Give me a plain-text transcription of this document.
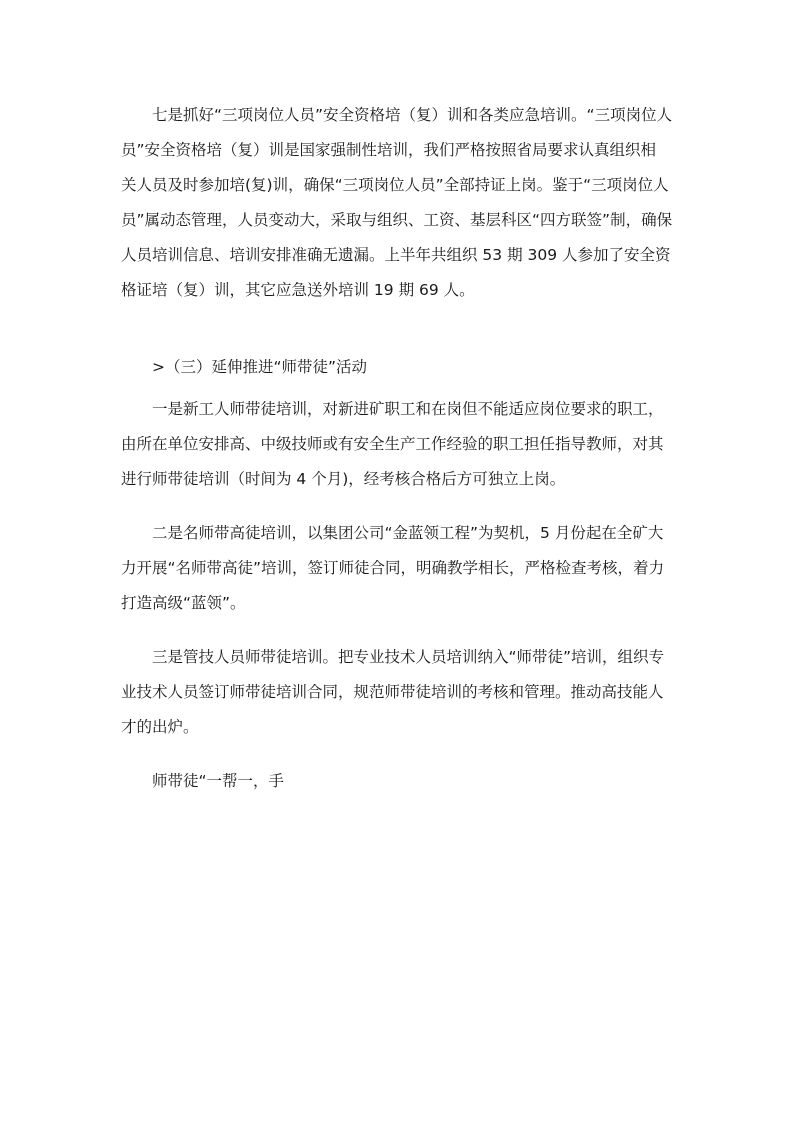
　　七是抓好“三项岗位人员”安全资格培（复）训和各类应急培训。“三项岗位人
员”安全资格培（复）训是国家强制性培训，我们严格按照省局要求认真组织相
关人员及时参加培(复)训，确保“三项岗位人员”全部持证上岗。鉴于“三项岗位人
员”属动态管理，人员变动大，采取与组织、工资、基层科区“四方联签”制，确保
人员培训信息、培训安排准确无遗漏。上半年共组织 53 期 309 人参加了安全资
格证培（复）训，其它应急送外培训 19 期 69 人。

　　>（三）延伸推进“师带徒”活动

　　一是新工人师带徒培训，对新进矿职工和在岗但不能适应岗位要求的职工，
由所在单位安排高、中级技师或有安全生产工作经验的职工担任指导教师，对其
进行师带徒培训（时间为 4 个月)，经考核合格后方可独立上岗。

　　二是名师带高徒培训，以集团公司“金蓝领工程”为契机，5 月份起在全矿大
力开展“名师带高徒”培训，签订师徒合同，明确教学相长，严格检查考核，着力
打造高级“蓝领”。

　　三是管技人员师带徒培训。把专业技术人员培训纳入“师带徒”培训，组织专
业技术人员签订师带徒培训合同，规范师带徒培训的考核和管理。推动高技能人
才的出炉。

　　师带徒“一帮一，手
